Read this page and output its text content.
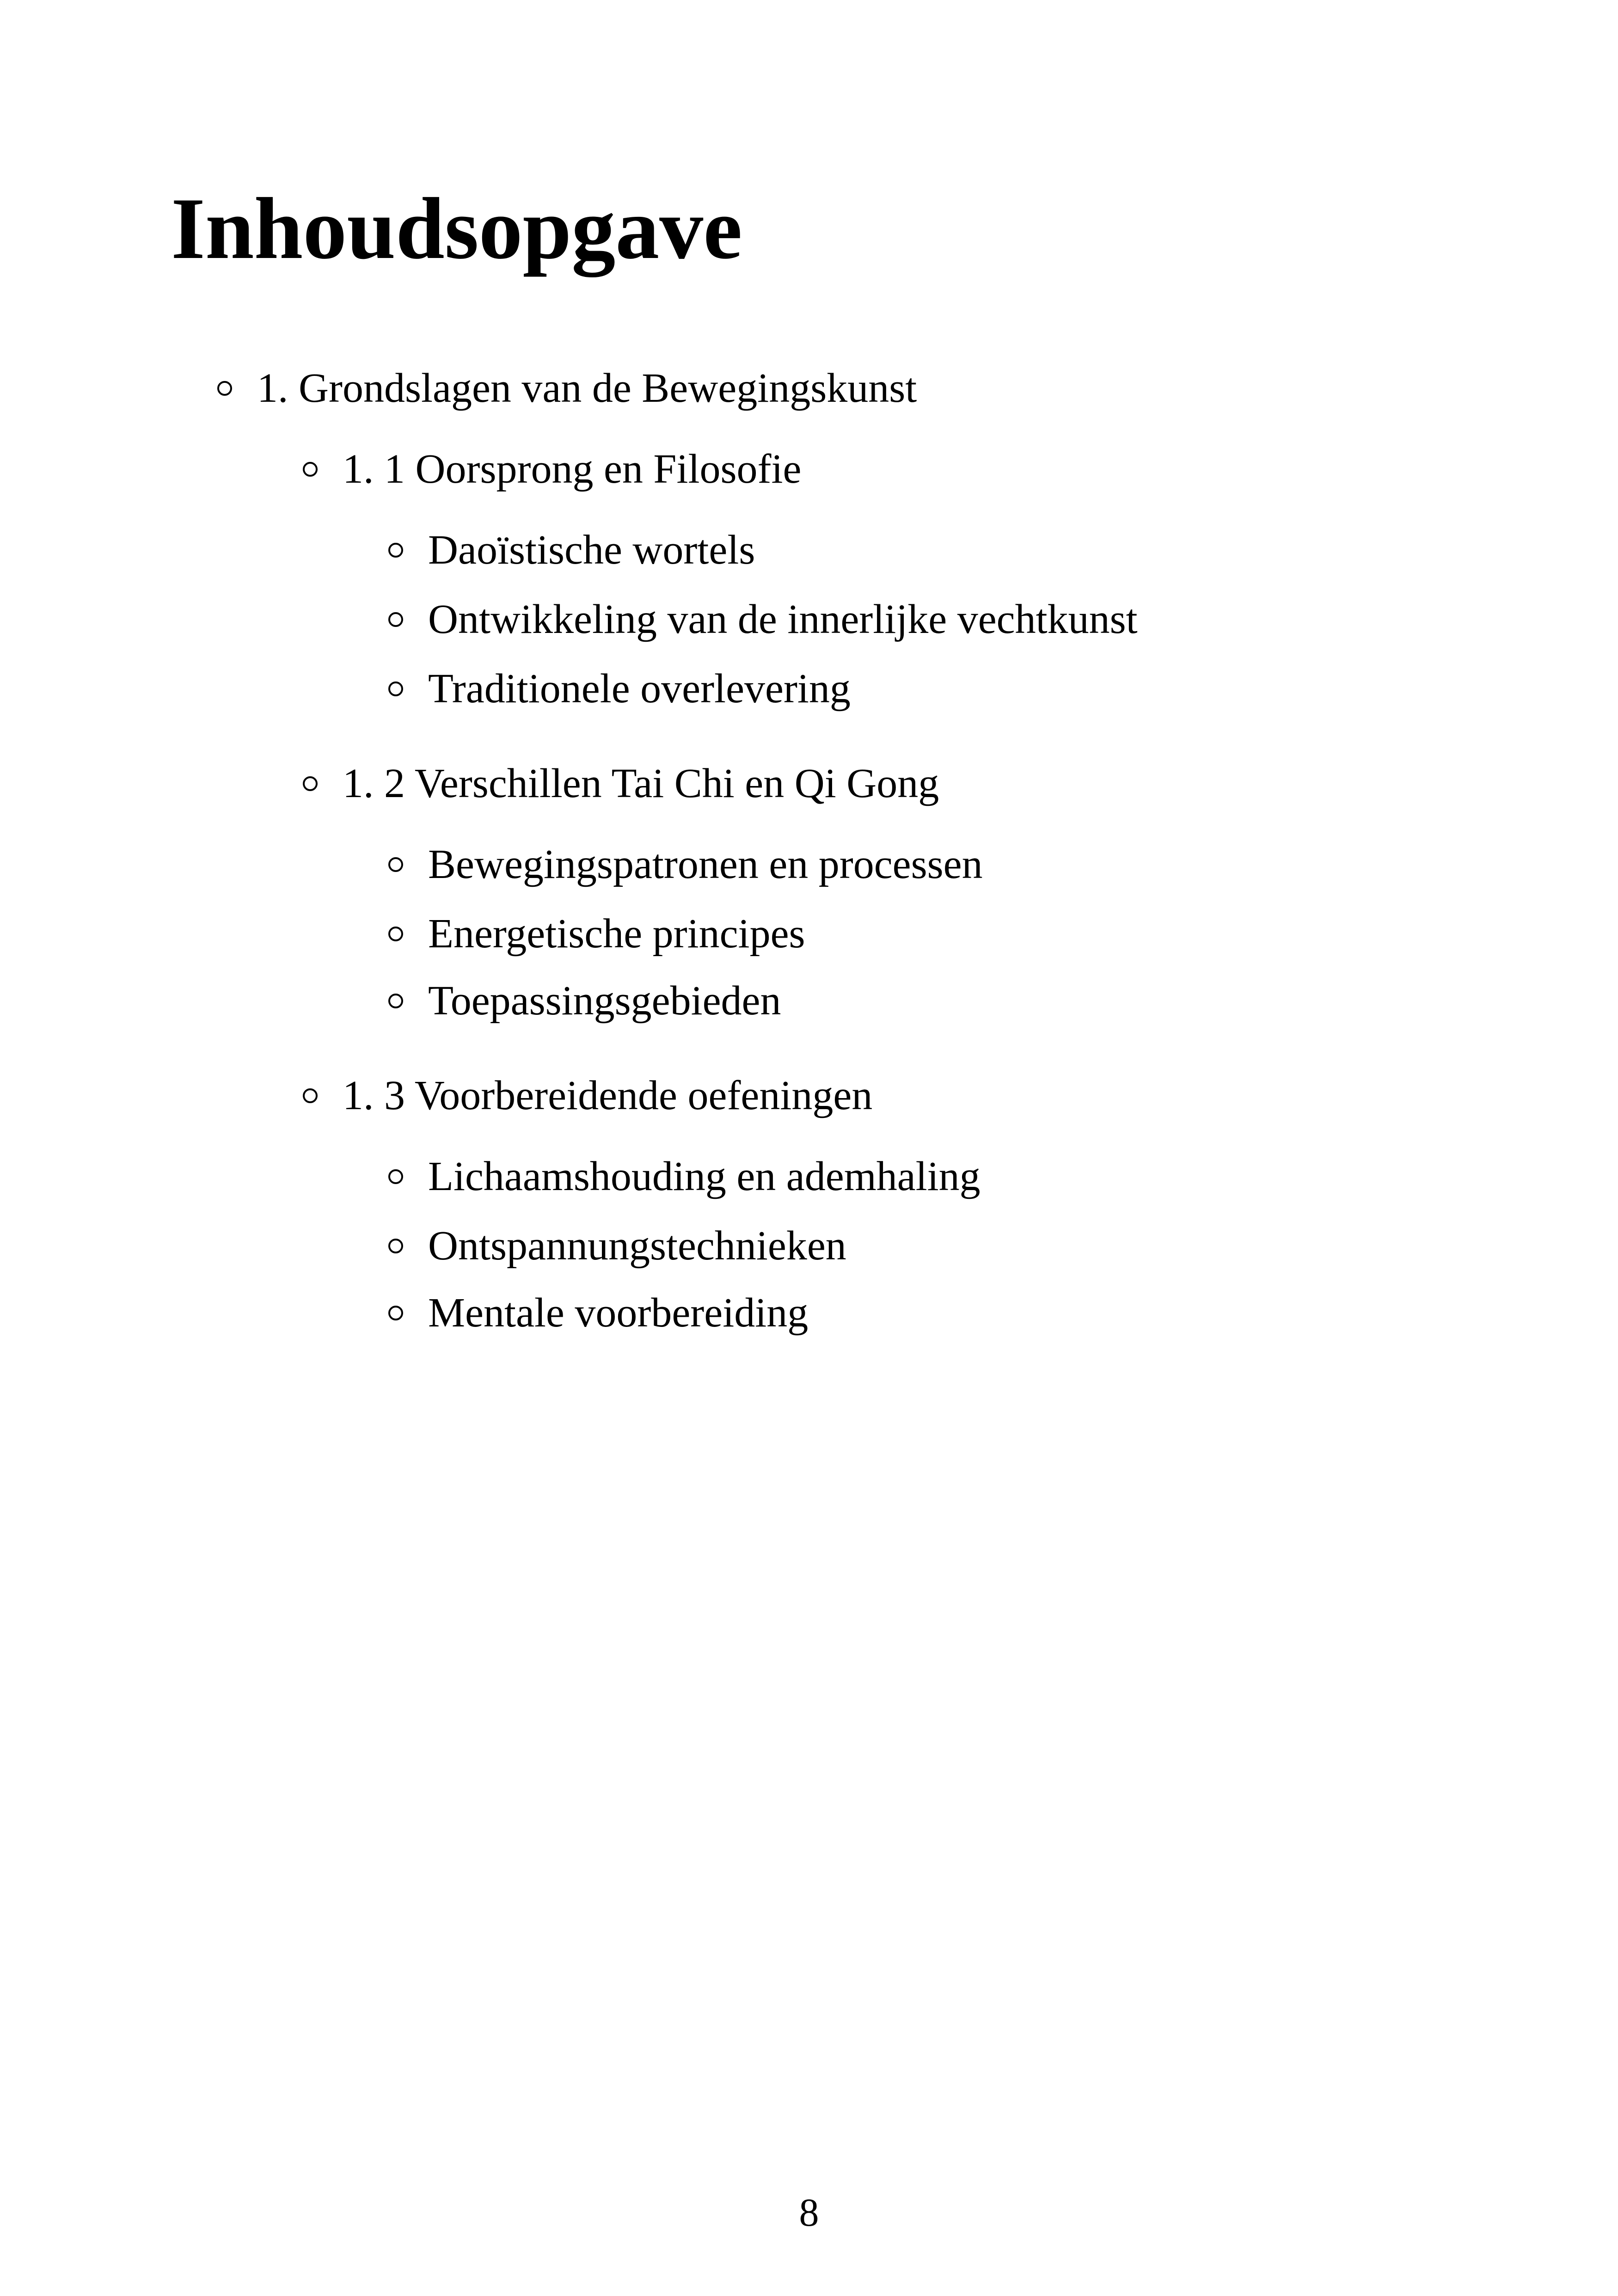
Inhoudsopgave
1. Grondslagen van de Bewegingskunst
1. 1 Oorsprong en Filosofie
Daoïstische wortels
Ontwikkeling van de innerlijke vechtkunst
Traditionele overlevering
1. 2 Verschillen Tai Chi en Qi Gong
Bewegingspatronen en processen
Energetische principes
Toepassingsgebieden
1. 3 Voorbereidende oefeningen
Lichaamshouding en ademhaling
Ontspannungstechnieken
Mentale voorbereiding
8
